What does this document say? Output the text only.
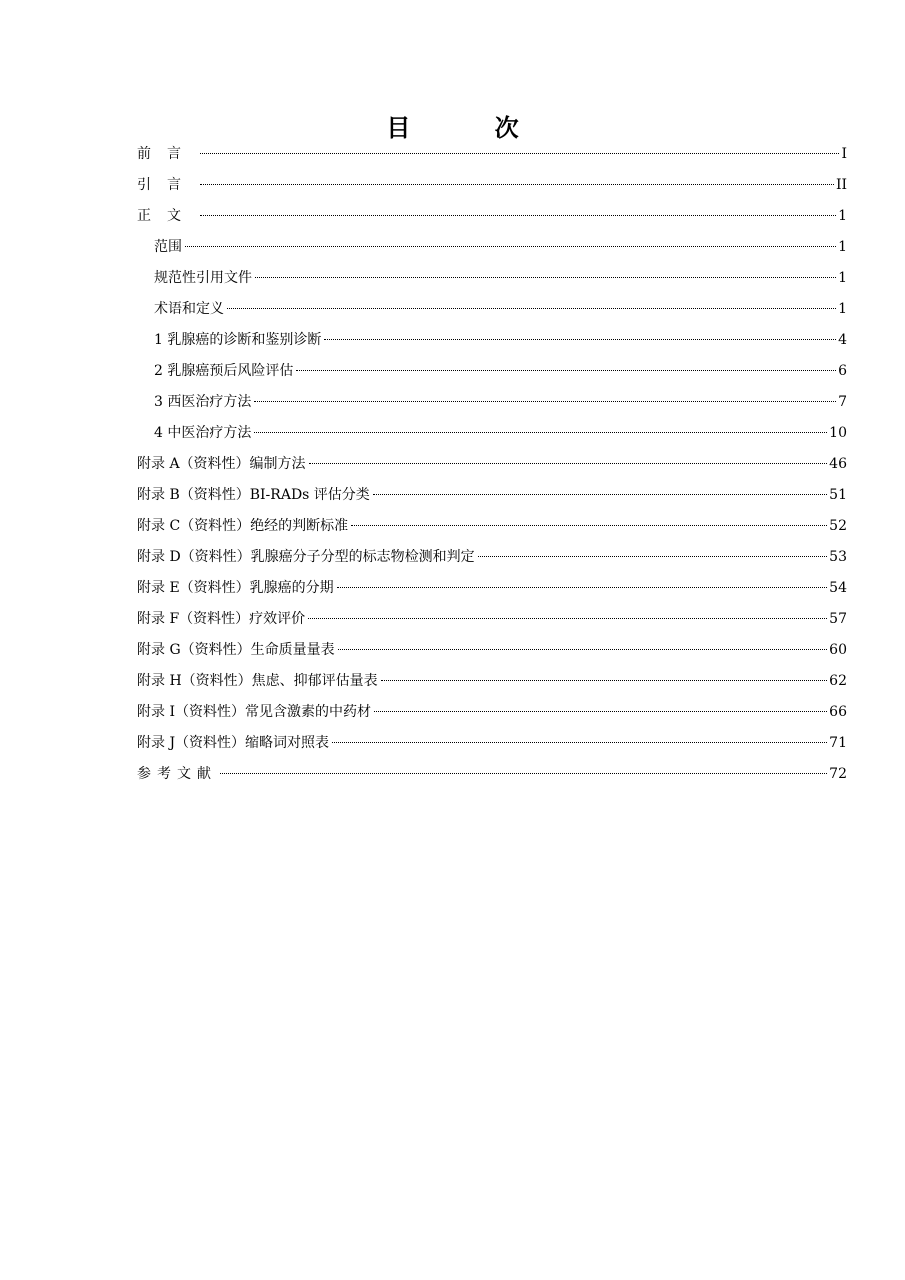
目 次
前言	I
引言	II
正文	1
范围	1
规范性引用文件	1
术语和定义	1
1 乳腺癌的诊断和鉴别诊断	4
2 乳腺癌预后风险评估	6
3 西医治疗方法	7
4 中医治疗方法	10
附录 A（资料性）编制方法	46
附录 B（资料性）BI-RADs 评估分类	51
附录 C（资料性）绝经的判断标准	52
附录 D（资料性）乳腺癌分子分型的标志物检测和判定	53
附录 E（资料性）乳腺癌的分期	54
附录 F（资料性）疗效评价	57
附录 G（资料性）生命质量量表	60
附录 H（资料性）焦虑、抑郁评估量表	62
附录 I（资料性）常见含激素的中药材	66
附录 J（资料性）缩略词对照表	71
参考文献	72
